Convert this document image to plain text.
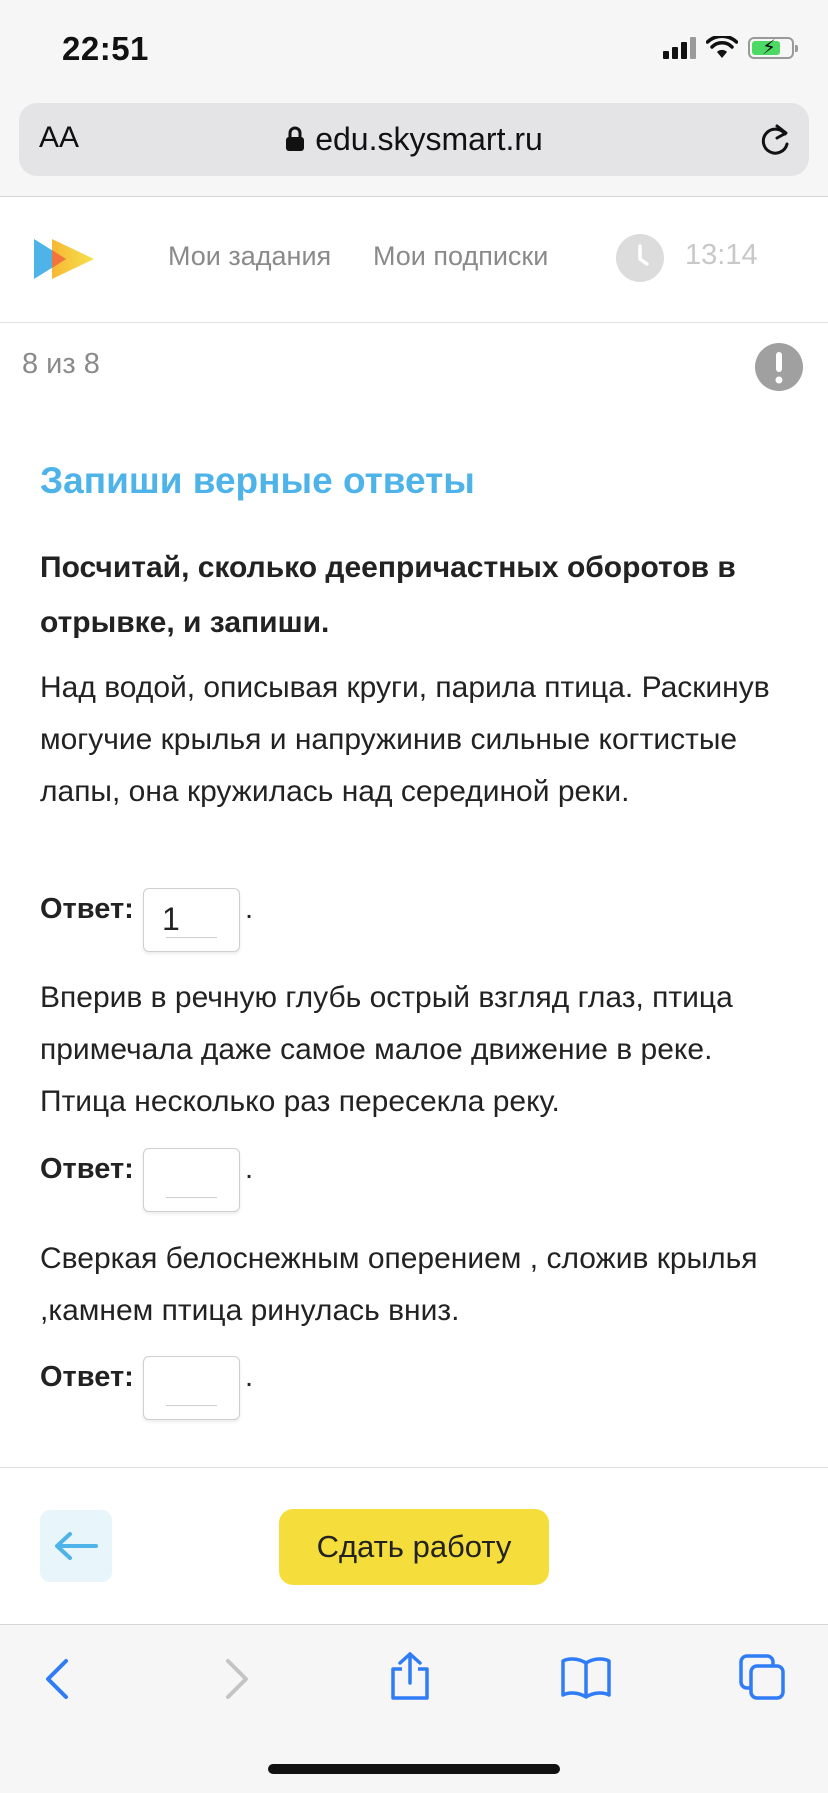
22:51	⚡
AA	edu.skysmart.ru
Мои задания Мои подписки	13:14
8 из 8
Запиши верные ответы
Посчитай, сколько деепричастных оборотов в отрывке, и запиши.
Над водой, описывая круги, парила птица. Раскинув могучие крылья и напружинив сильные когтистые лапы, она кружилась над серединой реки.
Ответ: 1 .
Вперив в речную глубь острый взгляд глаз, птица примечала даже самое малое движение в реке. Птица несколько раз пересекла реку.
Ответ:	.
Сверкая белоснежным оперением , сложив крылья ,камнем птица ринулась вниз.
Ответ:	.
Сдать работу
